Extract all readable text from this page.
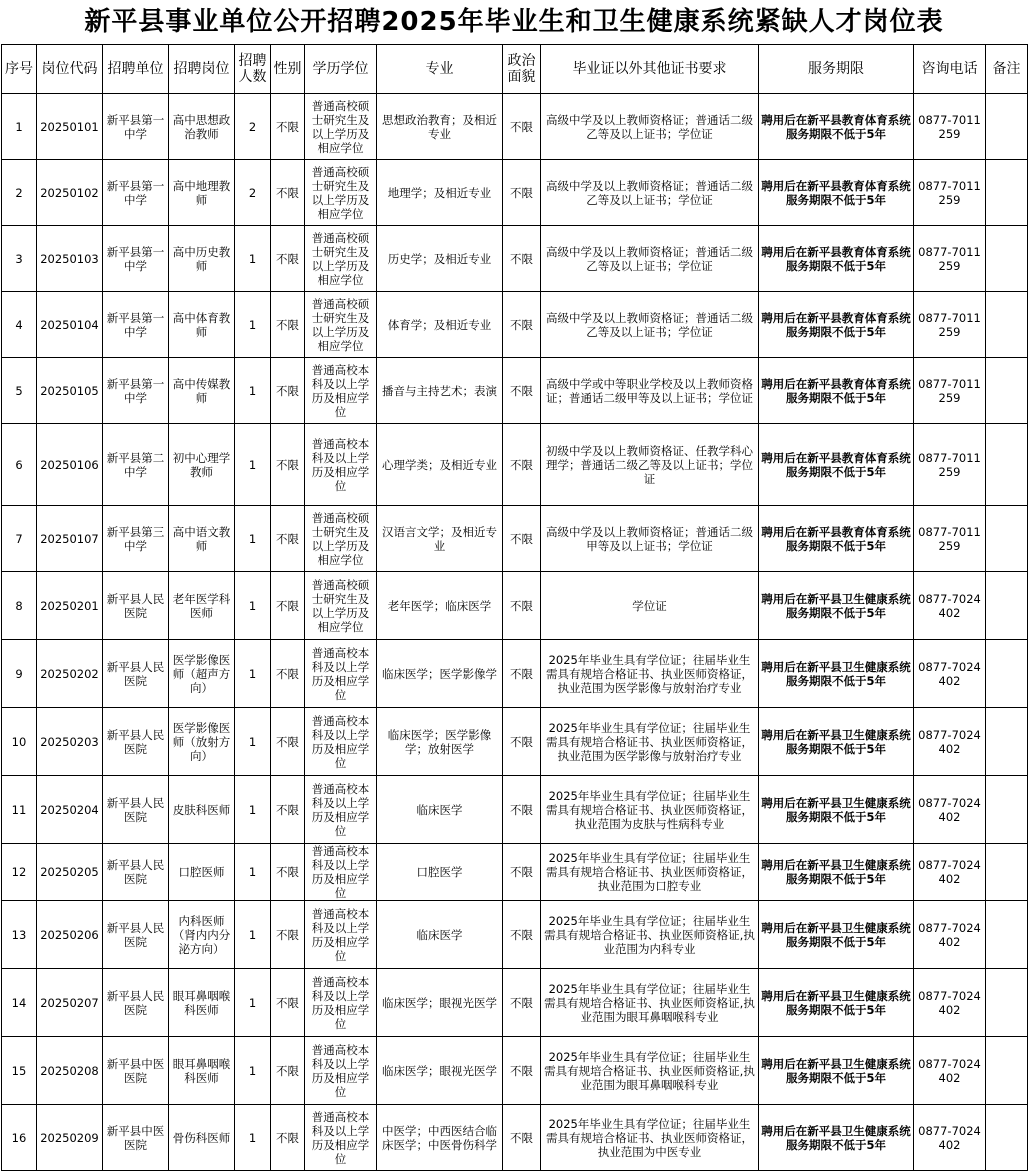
新平县事业单位公开招聘2025年毕业生和卫生健康系统紧缺人才岗位表
序号	岗位代码	招聘单位	招聘岗位	招聘人数	性别	学历学位	专业	政治面貌	毕业证以外其他证书要求	服务期限	咨询电话	备注
1	20250101	新平县第一中学	高中思想政治教师	2	不限	普通高校硕士研究生及以上学历及相应学位	思想政治教育；及相近专业	不限	高级中学及以上教师资格证；普通话二级乙等及以上证书；学位证	聘用后在新平县教育体育系统服务期限不低于5年	0877-7011259	
2	20250102	新平县第一中学	高中地理教师	2	不限	普通高校硕士研究生及以上学历及相应学位	地理学；及相近专业	不限	高级中学及以上教师资格证；普通话二级乙等及以上证书；学位证	聘用后在新平县教育体育系统服务期限不低于5年	0877-7011259	
3	20250103	新平县第一中学	高中历史教师	1	不限	普通高校硕士研究生及以上学历及相应学位	历史学；及相近专业	不限	高级中学及以上教师资格证；普通话二级乙等及以上证书；学位证	聘用后在新平县教育体育系统服务期限不低于5年	0877-7011259	
4	20250104	新平县第一中学	高中体育教师	1	不限	普通高校硕士研究生及以上学历及相应学位	体育学；及相近专业	不限	高级中学及以上教师资格证；普通话二级乙等及以上证书；学位证	聘用后在新平县教育体育系统服务期限不低于5年	0877-7011259	
5	20250105	新平县第一中学	高中传媒教师	1	不限	普通高校本科及以上学历及相应学位	播音与主持艺术；表演	不限	高级中学或中等职业学校及以上教师资格证；普通话二级甲等及以上证书；学位证	聘用后在新平县教育体育系统服务期限不低于5年	0877-7011259	
6	20250106	新平县第二中学	初中心理学教师	1	不限	普通高校本科及以上学历及相应学位	心理学类；及相近专业	不限	初级中学及以上教师资格证、任教学科心理学；普通话二级乙等及以上证书；学位证	聘用后在新平县教育体育系统服务期限不低于5年	0877-7011259	
7	20250107	新平县第三中学	高中语文教师	1	不限	普通高校硕士研究生及以上学历及相应学位	汉语言文学；及相近专业	不限	高级中学及以上教师资格证；普通话二级甲等及以上证书；学位证	聘用后在新平县教育体育系统服务期限不低于5年	0877-7011259	
8	20250201	新平县人民医院	老年医学科医师	1	不限	普通高校硕士研究生及以上学历及相应学位	老年医学；临床医学	不限	学位证	聘用后在新平县卫生健康系统服务期限不低于5年	0877-7024402	
9	20250202	新平县人民医院	医学影像医师（超声方向）	1	不限	普通高校本科及以上学历及相应学位	临床医学；医学影像学	不限	2025年毕业生具有学位证；往届毕业生需具有规培合格证书、执业医师资格证，执业范围为医学影像与放射治疗专业	聘用后在新平县卫生健康系统服务期限不低于5年	0877-7024402	
10	20250203	新平县人民医院	医学影像医师（放射方向）	1	不限	普通高校本科及以上学历及相应学位	临床医学；医学影像学；放射医学	不限	2025年毕业生具有学位证；往届毕业生需具有规培合格证书、执业医师资格证，执业范围为医学影像与放射治疗专业	聘用后在新平县卫生健康系统服务期限不低于5年	0877-7024402	
11	20250204	新平县人民医院	皮肤科医师	1	不限	普通高校本科及以上学历及相应学位	临床医学	不限	2025年毕业生具有学位证；往届毕业生需具有规培合格证书、执业医师资格证，执业范围为皮肤与性病科专业	聘用后在新平县卫生健康系统服务期限不低于5年	0877-7024402	
12	20250205	新平县人民医院	口腔医师	1	不限	普通高校本科及以上学历及相应学位	口腔医学	不限	2025年毕业生具有学位证；往届毕业生需具有规培合格证书、执业医师资格证，执业范围为口腔专业	聘用后在新平县卫生健康系统服务期限不低于5年	0877-7024402	
13	20250206	新平县人民医院	内科医师（肾内内分泌方向）	1	不限	普通高校本科及以上学历及相应学位	临床医学	不限	2025年毕业生具有学位证；往届毕业生需具有规培合格证书、执业医师资格证,执业范围为内科专业	聘用后在新平县卫生健康系统服务期限不低于5年	0877-7024402	
14	20250207	新平县人民医院	眼耳鼻咽喉科医师	1	不限	普通高校本科及以上学历及相应学位	临床医学；眼视光医学	不限	2025年毕业生具有学位证；往届毕业生需具有规培合格证书、执业医师资格证,执业范围为眼耳鼻咽喉科专业	聘用后在新平县卫生健康系统服务期限不低于5年	0877-7024402	
15	20250208	新平县中医医院	眼耳鼻咽喉科医师	1	不限	普通高校本科及以上学历及相应学位	临床医学；眼视光医学	不限	2025年毕业生具有学位证；往届毕业生需具有规培合格证书、执业医师资格证,执业范围为眼耳鼻咽喉科专业	聘用后在新平县卫生健康系统服务期限不低于5年	0877-7024402	
16	20250209	新平县中医医院	骨伤科医师	1	不限	普通高校本科及以上学历及相应学位	中医学；中西医结合临床医学；中医骨伤科学	不限	2025年毕业生具有学位证；往届毕业生需具有规培合格证书、执业医师资格证，执业范围为中医专业	聘用后在新平县卫生健康系统服务期限不低于5年	0877-7024402	
